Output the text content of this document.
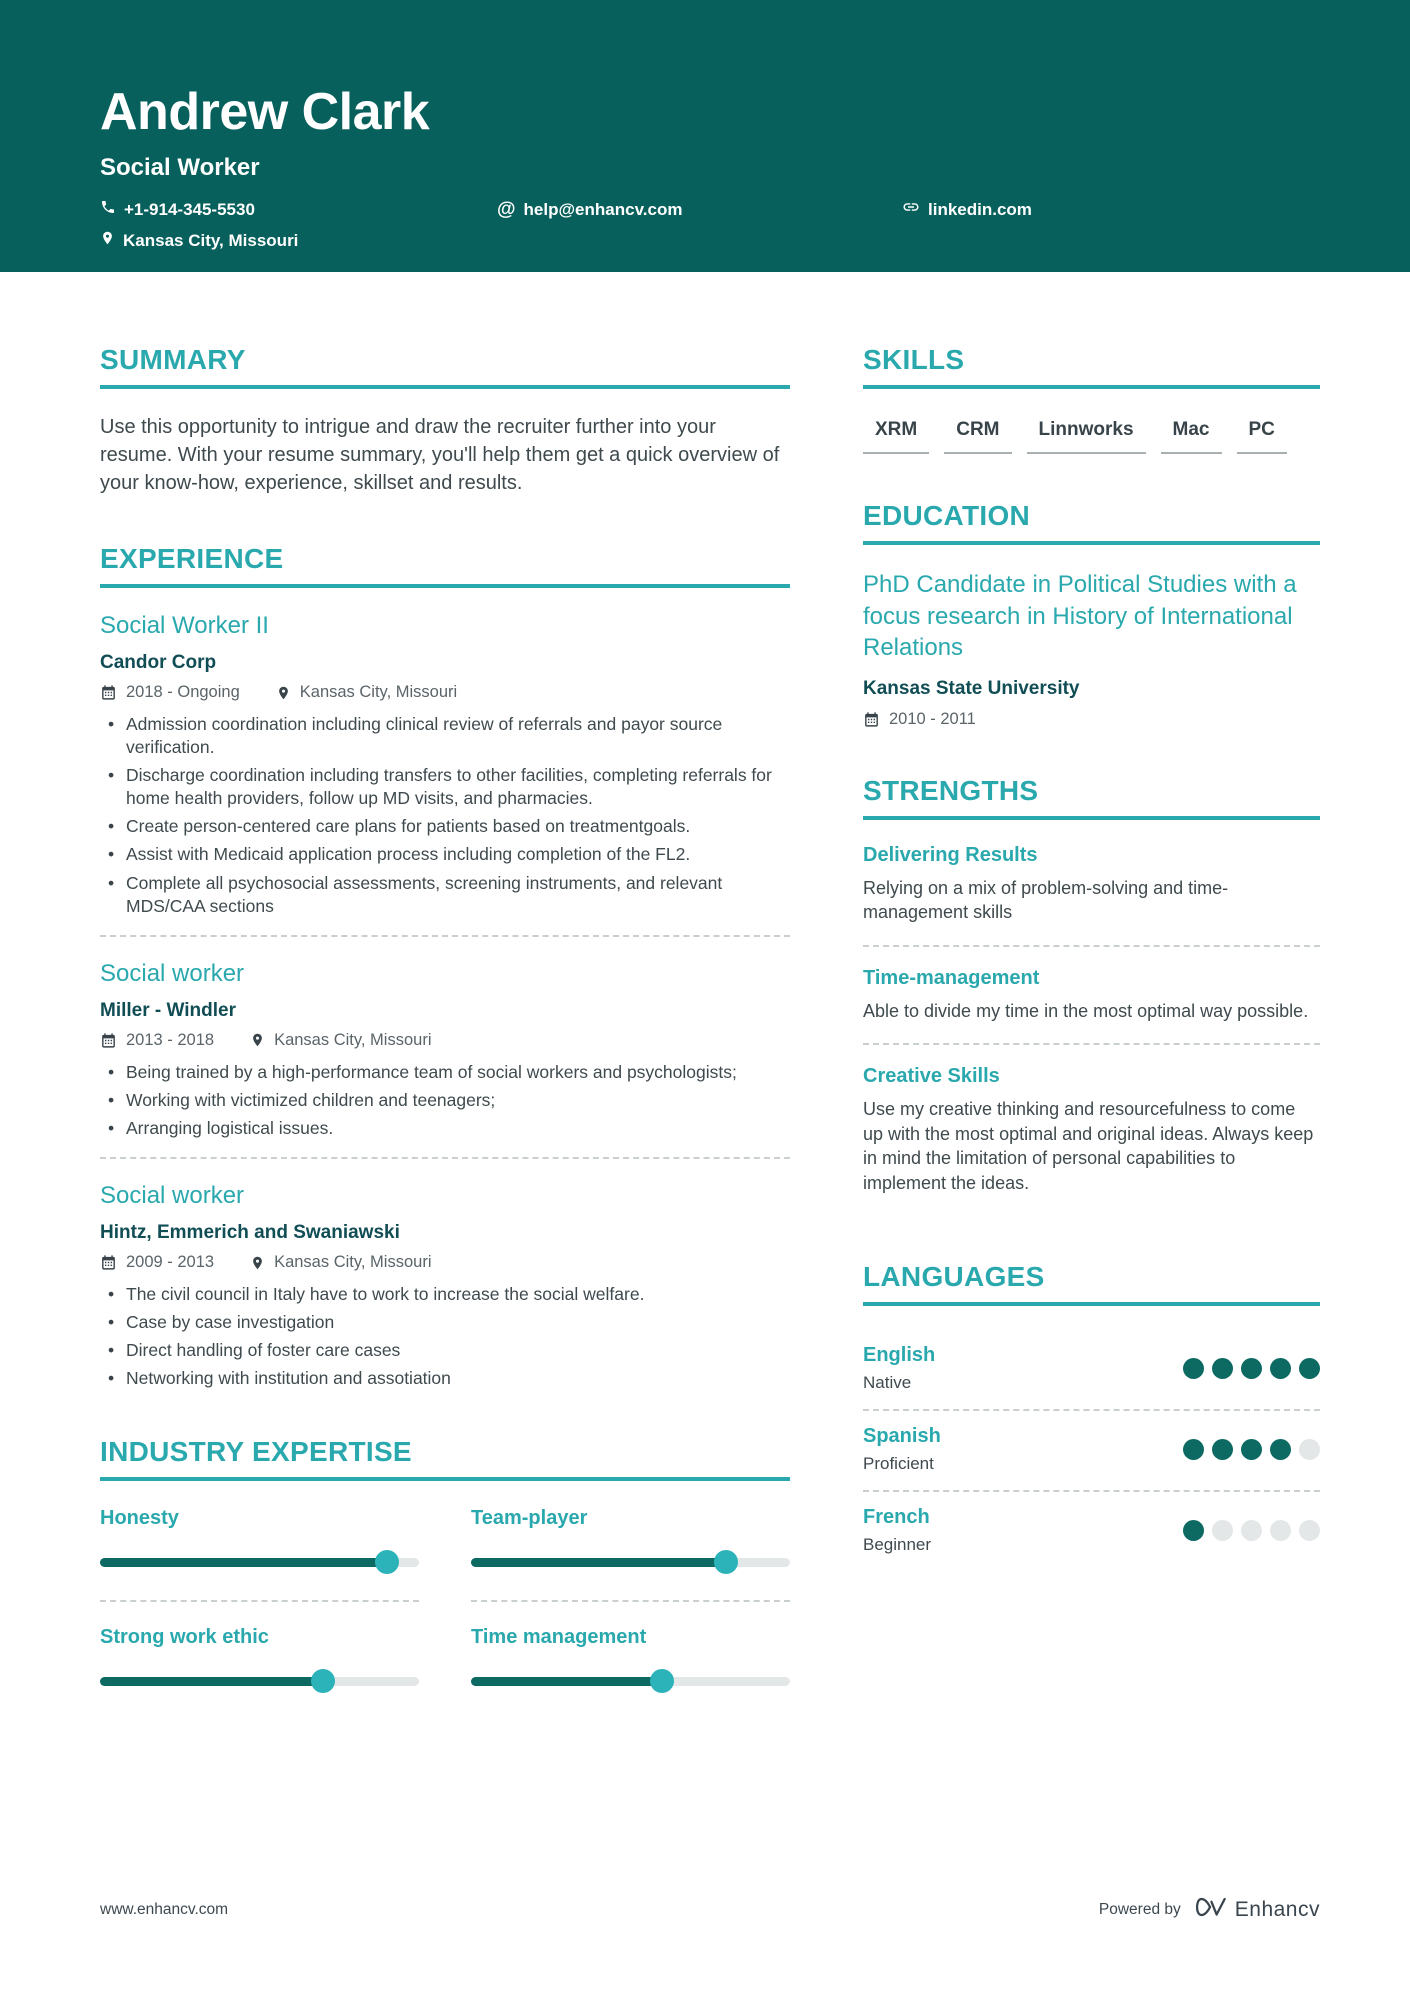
Andrew Clark
Social Worker
+1-914-345-5530	@ help@enhancv.com	linkedin.com
Kansas City, Missouri
SUMMARY
Use this opportunity to intrigue and draw the recruiter further into your resume. With your resume summary, you'll help them get a quick overview of your know-how, experience, skillset and results.
EXPERIENCE
Social Worker II
Candor Corp
2018 - Ongoing	Kansas City, Missouri
• Admission coordination including clinical review of referrals and payor source verification.
• Discharge coordination including transfers to other facilities, completing referrals for home health providers, follow up MD visits, and pharmacies.
• Create person-centered care plans for patients based on treatmentgoals.
• Assist with Medicaid application process including completion of the FL2.
• Complete all psychosocial assessments, screening instruments, and relevant MDS/CAA sections
Social worker
Miller - Windler
2013 - 2018	Kansas City, Missouri
• Being trained by a high-performance team of social workers and psychologists;
• Working with victimized children and teenagers;
• Arranging logistical issues.
Social worker
Hintz, Emmerich and Swaniawski
2009 - 2013	Kansas City, Missouri
• The civil council in Italy have to work to increase the social welfare.
• Case by case investigation
• Direct handling of foster care cases
• Networking with institution and assotiation
INDUSTRY EXPERTISE
Honesty	Team-player
Strong work ethic	Time management
SKILLS
XRM	CRM	Linnworks	Mac	PC
EDUCATION
PhD Candidate in Political Studies with a focus research in History of International Relations
Kansas State University
2010 - 2011
STRENGTHS
Delivering Results
Relying on a mix of problem-solving and time-management skills
Time-management
Able to divide my time in the most optimal way possible.
Creative Skills
Use my creative thinking and resourcefulness to come up with the most optimal and original ideas. Always keep in mind the limitation of personal capabilities to implement the ideas.
LANGUAGES
English
Native
Spanish
Proficient
French
Beginner
www.enhancv.com	Powered by	Enhancv
